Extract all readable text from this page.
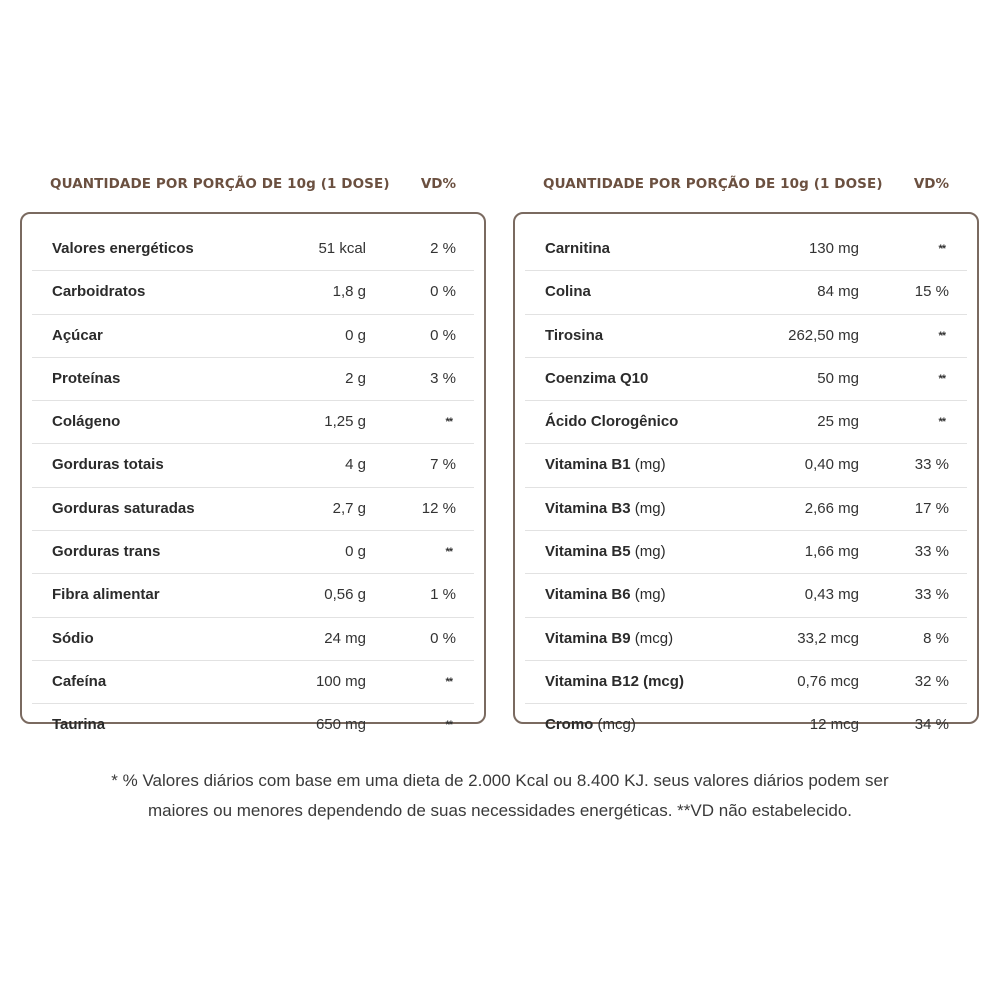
QUANTIDADE POR PORÇÃO DE 10g (1 DOSE) VD%
Valores energéticos	51 kcal	2 %
Carboidratos	1,8 g	0 %
Açúcar	0 g	0 %
Proteínas	2 g	3 %
Colágeno	1,25 g	**
Gorduras totais	4 g	7 %
Gorduras saturadas	2,7 g	12 %
Gorduras trans	0 g	**
Fibra alimentar	0,56 g	1 %
Sódio	24 mg	0 %
Cafeína	100 mg	**
Taurina	650 mg	**
QUANTIDADE POR PORÇÃO DE 10g (1 DOSE) VD%
Carnitina	130 mg	**
Colina	84 mg	15 %
Tirosina	262,50 mg	**
Coenzima Q10	50 mg	**
Ácido Clorogênico	25 mg	**
Vitamina B1 (mg)	0,40 mg	33 %
Vitamina B3 (mg)	2,66 mg	17 %
Vitamina B5 (mg)	1,66 mg	33 %
Vitamina B6 (mg)	0,43 mg	33 %
Vitamina B9 (mcg)	33,2 mcg	8 %
Vitamina B12 (mcg)	0,76 mcg	32 %
Cromo (mcg)	12 mcg	34 %
* % Valores diários com base em uma dieta de 2.000 Kcal ou 8.400 KJ. seus valores diários podem ser
maiores ou menores dependendo de suas necessidades energéticas. **VD não estabelecido.
